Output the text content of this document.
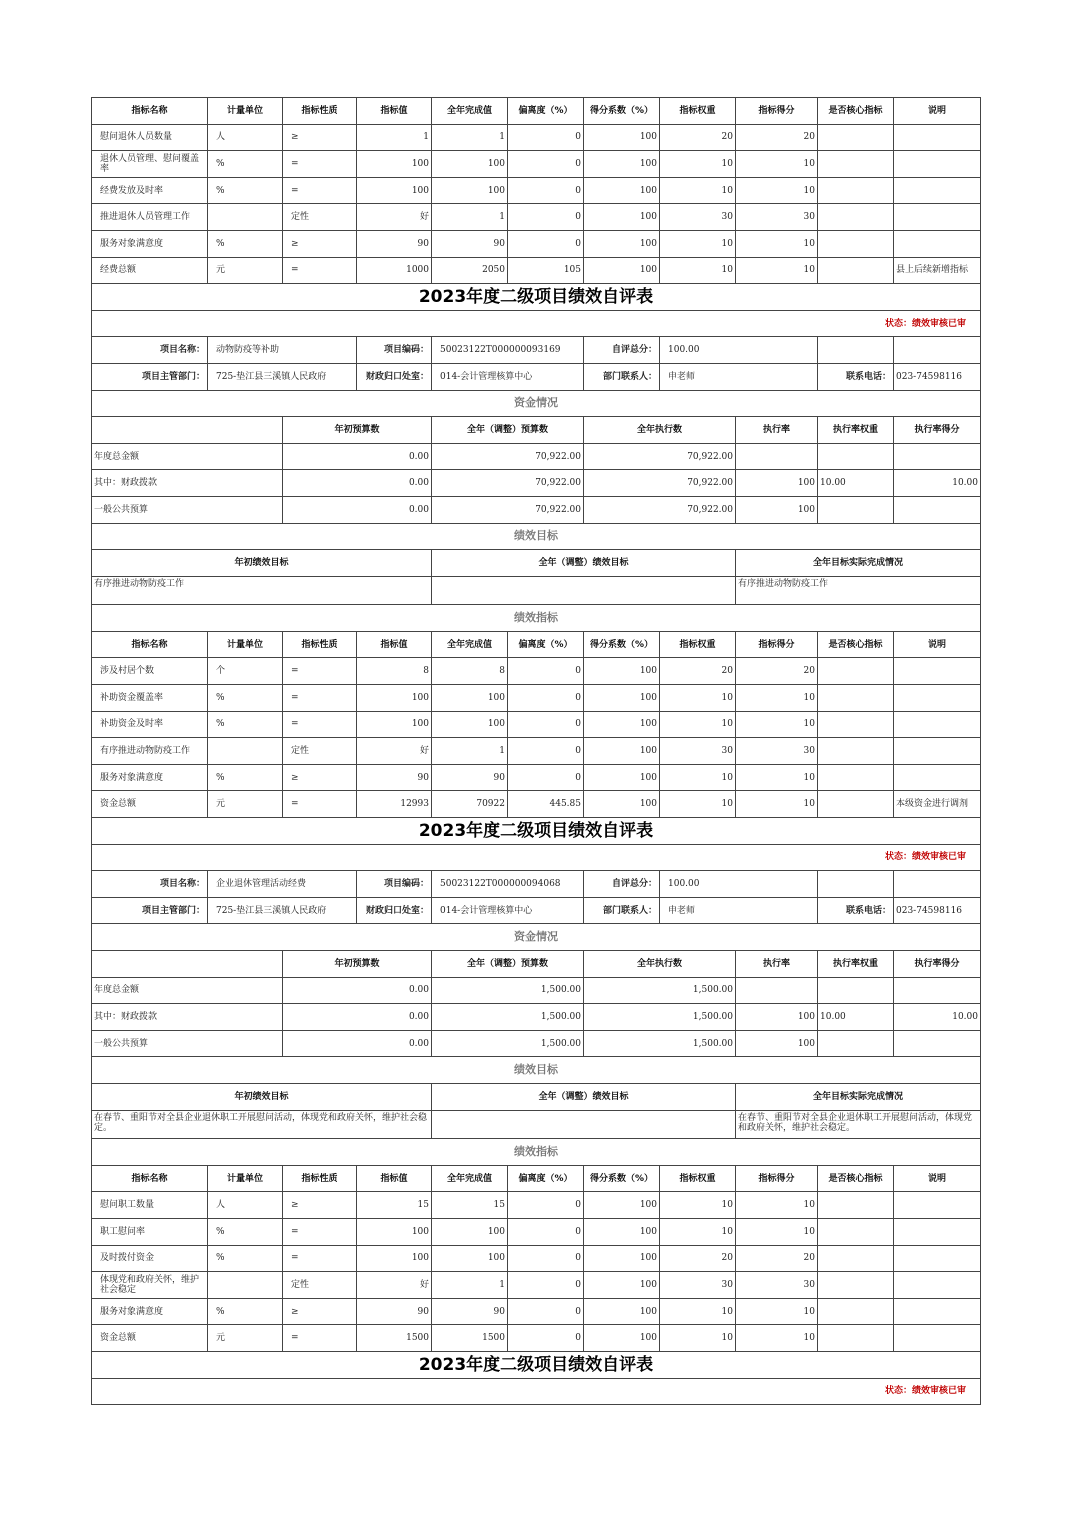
指标名称	计量单位	指标性质	指标值	全年完成值	偏离度（%）	得分系数（%）	指标权重	指标得分	是否核心指标	说明
慰问退休人员数量	人	≥	1	1	0	100	20	20		
退休人员管理、慰问覆盖率	%	=	100	100	0	100	10	10		
经费发放及时率	%	=	100	100	0	100	10	10		
推进退休人员管理工作		定性	好	1	0	100	30	30		
服务对象满意度	%	≥	90	90	0	100	10	10		
经费总额	元	=	1000	2050	105	100	10	10		县上后续新增指标
2023年度二级项目绩效自评表										
状态：绩效审核已审										
项目名称：	动物防疫等补助		项目编码：	50023122T000000093169		自评总分：	100.00			
项目主管部门：	725-垫江县三溪镇人民政府		财政归口处室：	014-会计管理核算中心		部门联系人：	申老师		联系电话：	023-74598116
资金情况										
		年初预算数		全年（调整）预算数		全年执行数		执行率	执行率权重	执行率得分
年度总金额		0.00		70,922.00		70,922.00				
其中：财政拨款		0.00		70,922.00		70,922.00		100	10.00	10.00
一般公共预算		0.00		70,922.00		70,922.00		100		
绩效目标										
年初绩效目标				全年（调整）绩效目标				全年目标实际完成情况		
有序推进动物防疫工作								有序推进动物防疫工作		
绩效指标										
指标名称	计量单位	指标性质	指标值	全年完成值	偏离度（%）	得分系数（%）	指标权重	指标得分	是否核心指标	说明
涉及村居个数	个	=	8	8	0	100	20	20		
补助资金覆盖率	%	=	100	100	0	100	10	10		
补助资金及时率	%	=	100	100	0	100	10	10		
有序推进动物防疫工作		定性	好	1	0	100	30	30		
服务对象满意度	%	≥	90	90	0	100	10	10		
资金总额	元	=	12993	70922	445.85	100	10	10		本级资金进行调剂
2023年度二级项目绩效自评表										
状态：绩效审核已审										
项目名称：	企业退休管理活动经费		项目编码：	50023122T000000094068		自评总分：	100.00			
项目主管部门：	725-垫江县三溪镇人民政府		财政归口处室：	014-会计管理核算中心		部门联系人：	申老师		联系电话：	023-74598116
资金情况										
		年初预算数		全年（调整）预算数		全年执行数		执行率	执行率权重	执行率得分
年度总金额		0.00		1,500.00		1,500.00				
其中：财政拨款		0.00		1,500.00		1,500.00		100	10.00	10.00
一般公共预算		0.00		1,500.00		1,500.00		100		
绩效目标										
年初绩效目标				全年（调整）绩效目标				全年目标实际完成情况		
在春节、重阳节对全县企业退休职工开展慰问活动，体现党和政府关怀，维护社会稳定。								在春节、重阳节对全县企业退休职工开展慰问活动，体现党和政府关怀，维护社会稳定。		
绩效指标										
指标名称	计量单位	指标性质	指标值	全年完成值	偏离度（%）	得分系数（%）	指标权重	指标得分	是否核心指标	说明
慰问职工数量	人	≥	15	15	0	100	10	10		
职工慰问率	%	=	100	100	0	100	10	10		
及时拨付资金	%	=	100	100	0	100	20	20		
体现党和政府关怀，维护社会稳定		定性	好	1	0	100	30	30		
服务对象满意度	%	≥	90	90	0	100	10	10		
资金总额	元	=	1500	1500	0	100	10	10		
2023年度二级项目绩效自评表										
状态：绩效审核已审										
